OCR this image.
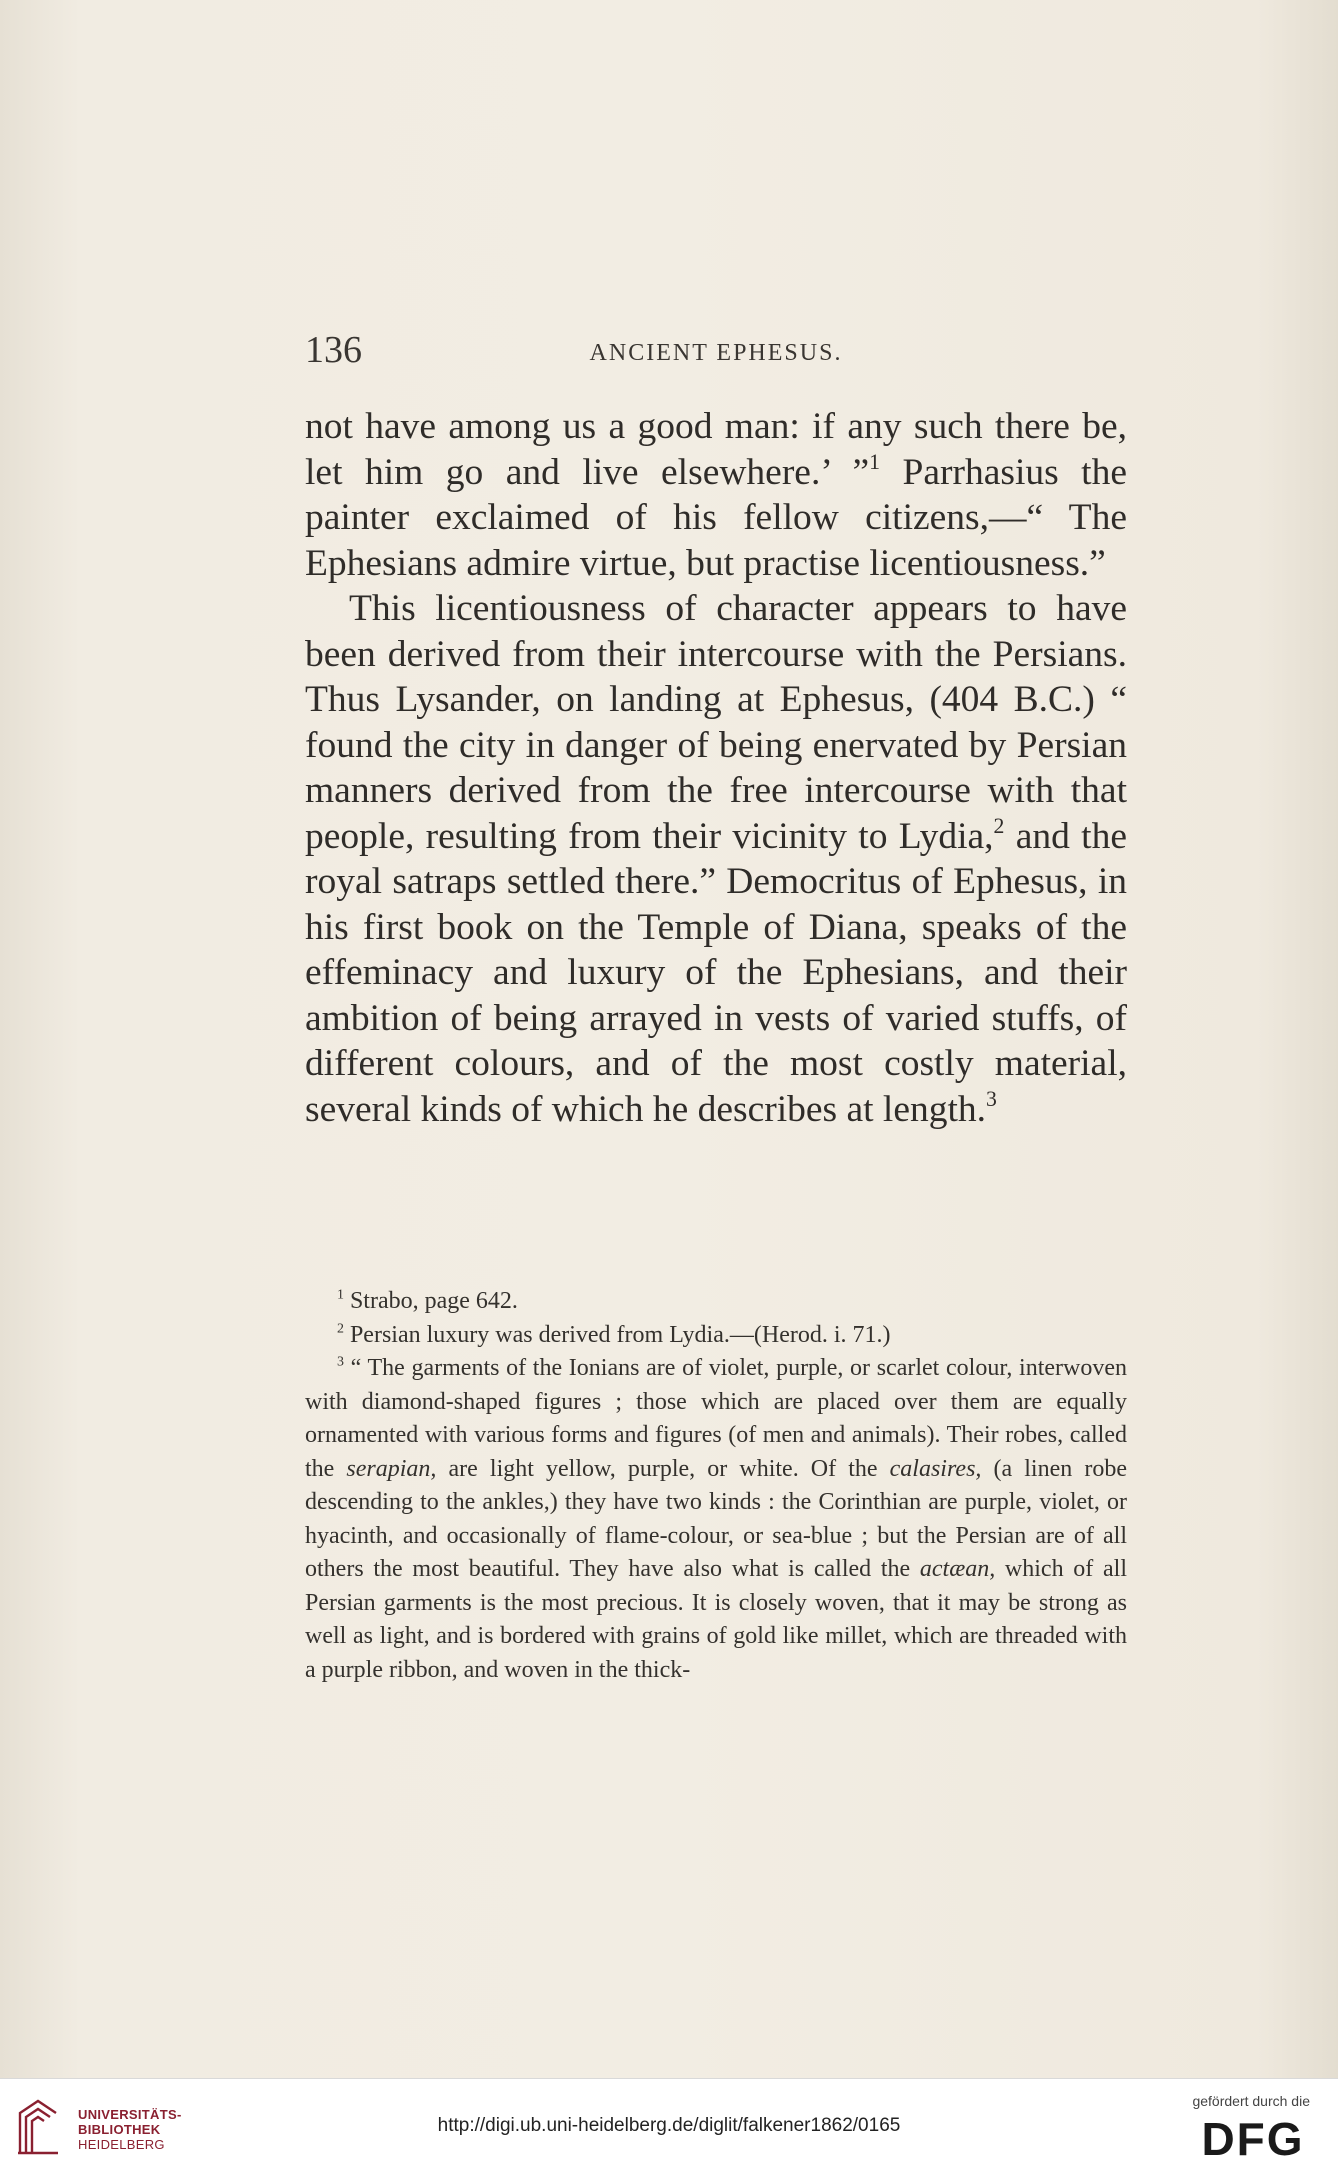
136	ANCIENT EPHESUS.

not have among us a good man: if any such there be, let him go and live elsewhere.’ ”$^1$ Parrhasius the painter exclaimed of his fellow citizens,—“ The Ephesians admire virtue, but practise licentiousness.”

This licentiousness of character appears to have been derived from their intercourse with the Persians. Thus Lysander, on landing at Ephesus, (404 B.C.) “ found the city in danger of being enervated by Persian manners derived from the free intercourse with that people, resulting from their vicinity to Lydia,$^2$ and the royal satraps settled there.” Democritus of Ephesus, in his first book on the Temple of Diana, speaks of the effeminacy and luxury of the Ephesians, and their ambition of being arrayed in vests of varied stuffs, of different colours, and of the most costly material, several kinds of which he describes at length.$^3$

$^1$ Strabo, page 642.

$^2$ Persian luxury was derived from Lydia.—(Herod. i. 71.)

$^3$ “ The garments of the Ionians are of violet, purple, or scarlet colour, interwoven with diamond-shaped figures ; those which are placed over them are equally ornamented with various forms and figures (of men and animals). Their robes, called the serapian, are light yellow, purple, or white. Of the calasires, (a linen robe descending to the ankles,) they have two kinds : the Corinthian are purple, violet, or hyacinth, and occasionally of flame-colour, or sea-blue ; but the Persian are of all others the most beautiful. They have also what is called the actæan, which of all Persian garments is the most precious. It is closely woven, that it may be strong as well as light, and is bordered with grains of gold like millet, which are threaded with a purple ribbon, and woven in the thick-

UNIVERSITÄTS-
BIBLIOTHEK
HEIDELBERG
http://digi.ub.uni-heidelberg.de/diglit/falkener1862/0165
gefördert durch die
DFG
